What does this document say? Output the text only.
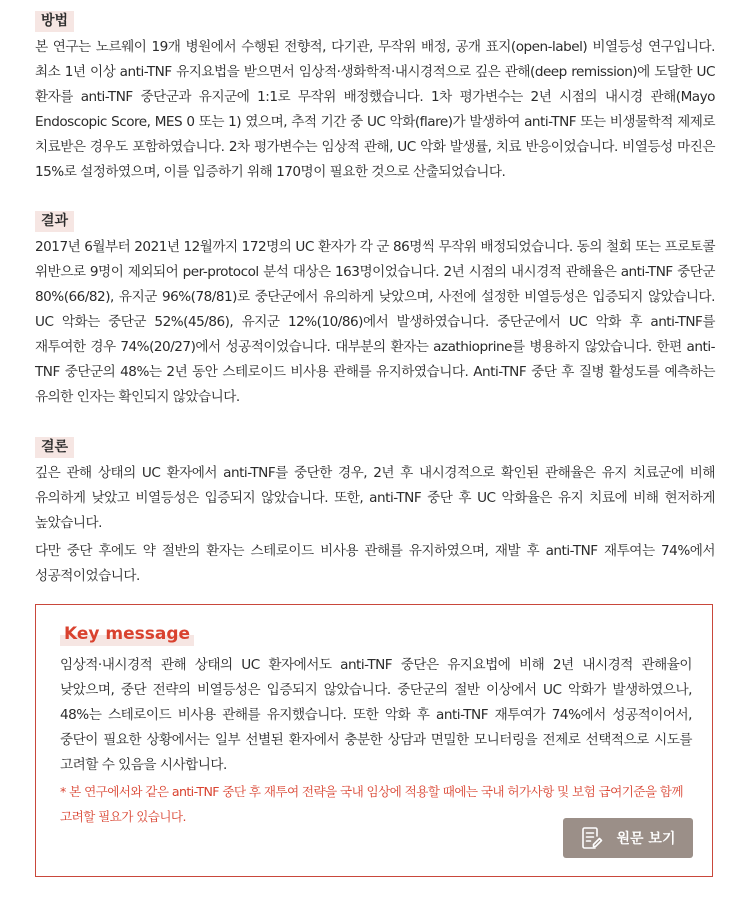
방법

본 연구는 노르웨이 19개 병원에서 수행된 전향적, 다기관, 무작위 배정, 공개 표지(open-label) 비열등성 연구입니다. 최소 1년 이상 anti-TNF 유지요법을 받으면서 임상적·생화학적·내시경적으로 깊은 관해(deep remission)에 도달한 UC 환자를 anti-TNF 중단군과 유지군에 1:1로 무작위 배정했습니다. 1차 평가변수는 2년 시점의 내시경 관해(Mayo Endoscopic Score, MES 0 또는 1) 였으며, 추적 기간 중 UC 악화(flare)가 발생하여 anti-TNF 또는 비생물학적 제제로 치료받은 경우도 포함하였습니다. 2차 평가변수는 임상적 관해, UC 악화 발생률, 치료 반응이었습니다. 비열등성 마진은 15%로 설정하였으며, 이를 입증하기 위해 170명이 필요한 것으로 산출되었습니다.

결과

2017년 6월부터 2021년 12월까지 172명의 UC 환자가 각 군 86명씩 무작위 배정되었습니다. 동의 철회 또는 프로토콜 위반으로 9명이 제외되어 per-protocol 분석 대상은 163명이었습니다. 2년 시점의 내시경적 관해율은 anti-TNF 중단군 80%(66/82), 유지군 96%(78/81)로 중단군에서 유의하게 낮았으며, 사전에 설정한 비열등성은 입증되지 않았습니다. UC 악화는 중단군 52%(45/86), 유지군 12%(10/86)에서 발생하였습니다. 중단군에서 UC 악화 후 anti-TNF를 재투여한 경우 74%(20/27)에서 성공적이었습니다. 대부분의 환자는 azathioprine를 병용하지 않았습니다. 한편 anti-TNF 중단군의 48%는 2년 동안 스테로이드 비사용 관해를 유지하였습니다. Anti-TNF 중단 후 질병 활성도를 예측하는 유의한 인자는 확인되지 않았습니다.

결론

깊은 관해 상태의 UC 환자에서 anti-TNF를 중단한 경우, 2년 후 내시경적으로 확인된 관해율은 유지 치료군에 비해 유의하게 낮았고 비열등성은 입증되지 않았습니다. 또한, anti-TNF 중단 후 UC 악화율은 유지 치료에 비해 현저하게 높았습니다.

다만 중단 후에도 약 절반의 환자는 스테로이드 비사용 관해를 유지하였으며, 재발 후 anti-TNF 재투여는 74%에서 성공적이었습니다.

Key message
임상적·내시경적 관해 상태의 UC 환자에서도 anti-TNF 중단은 유지요법에 비해 2년 내시경적 관해율이 낮았으며, 중단 전략의 비열등성은 입증되지 않았습니다. 중단군의 절반 이상에서 UC 악화가 발생하였으나, 48%는 스테로이드 비사용 관해를 유지했습니다. 또한 악화 후 anti-TNF 재투여가 74%에서 성공적이어서, 중단이 필요한 상황에서는 일부 선별된 환자에서 충분한 상담과 면밀한 모니터링을 전제로 선택적으로 시도를 고려할 수 있음을 시사합니다.
* 본 연구에서와 같은 anti-TNF 중단 후 재투여 전략을 국내 임상에 적용할 때에는 국내 허가사항 및 보험 급여기준을 함께 고려할 필요가 있습니다.
원문 보기
